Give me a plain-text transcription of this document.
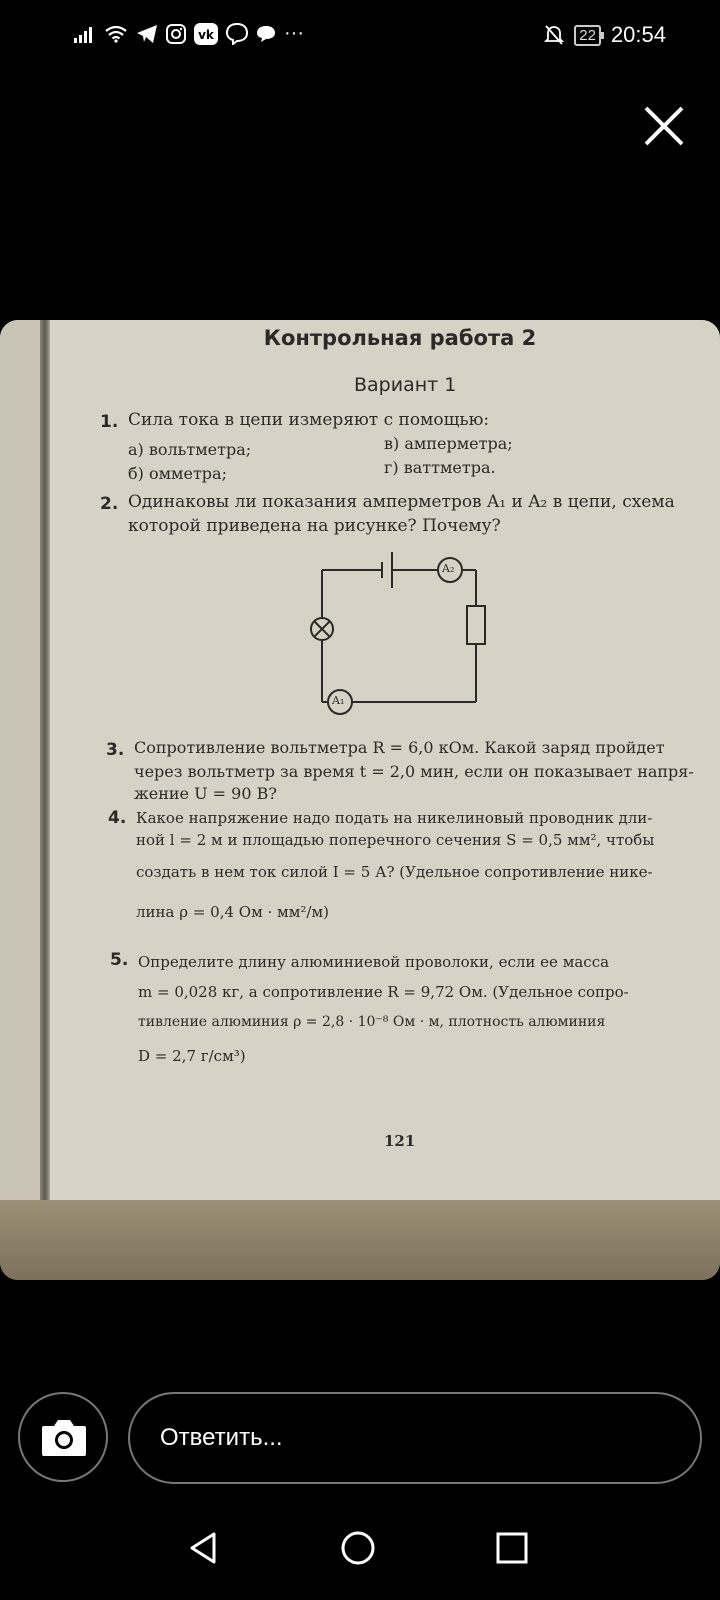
vk	···	22 20:54
Контрольная работа 2
Вариант 1
1. Сила тока в цепи измеряют с помощью:
а) вольтметра;	в) амперметра;
б) омметра;	г) ваттметра.
2. Одинаковы ли показания амперметров A₁ и A₂ в цепи, схема
которой приведена на рисунке? Почему?
A₂
A₁
3. Сопротивление вольтметра R = 6,0 кОм. Какой заряд пройдет
через вольтметр за время t = 2,0 мин, если он показывает напря-
жение U = 90 В?
4. Какое напряжение надо подать на никелиновый проводник дли-
ной l = 2 м и площадью поперечного сечения S = 0,5 мм², чтобы
создать в нем ток силой I = 5 А? (Удельное сопротивление нике-
лина ρ = 0,4 Ом · мм²/м)
5. Определите длину алюминиевой проволоки, если ее масса
m = 0,028 кг, а сопротивление R = 9,72 Ом. (Удельное сопро-
тивление алюминия ρ = 2,8 · 10⁻⁸ Ом · м, плотность алюминия
D = 2,7 г/см³)
121
Ответить...
